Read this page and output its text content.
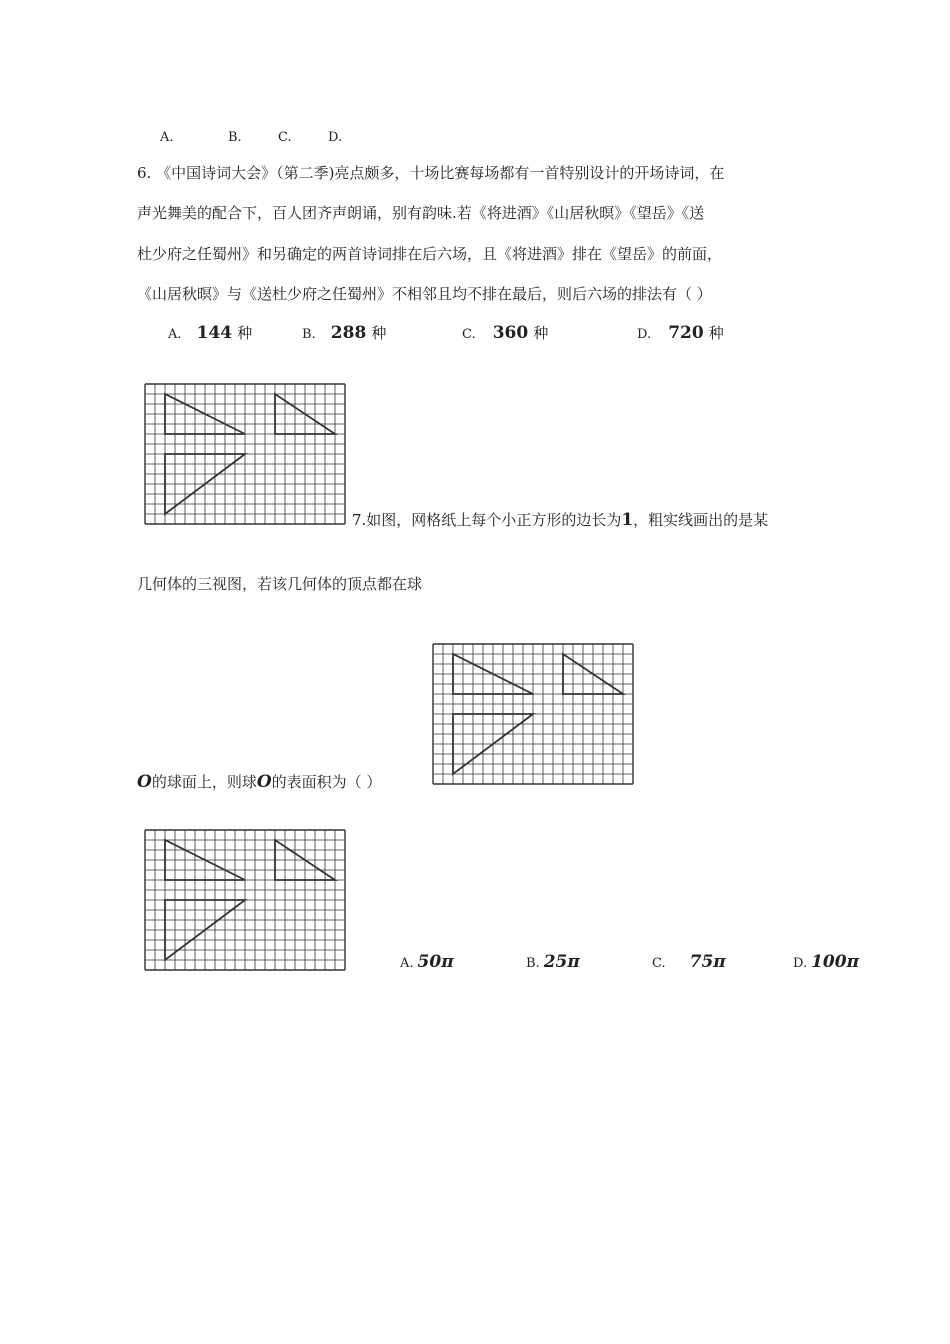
A.	B.	C.	D.
6. 《中国诗词大会》（第二季)亮点颇多，十场比赛每场都有一首特别设计的开场诗词，在
声光舞美的配合下，百人团齐声朗诵，别有韵味.若《将进酒》《山居秋暝》《望岳》《送
杜少府之任蜀州》和另确定的两首诗词排在后六场，且《将进酒》排在《望岳》的前面，
《山居秋暝》与《送杜少府之任蜀州》不相邻且均不排在最后，则后六场的排法有（ ）
A. 144 种	B. 288 种	C. 360 种	D. 720 种
7.如图，网格纸上每个小正方形的边长为1，粗实线画出的是某
几何体的三视图，若该几何体的顶点都在球
O的球面上，则球O的表面积为（ ）
A. 50π	B. 25π	C. 75π	D. 100π
